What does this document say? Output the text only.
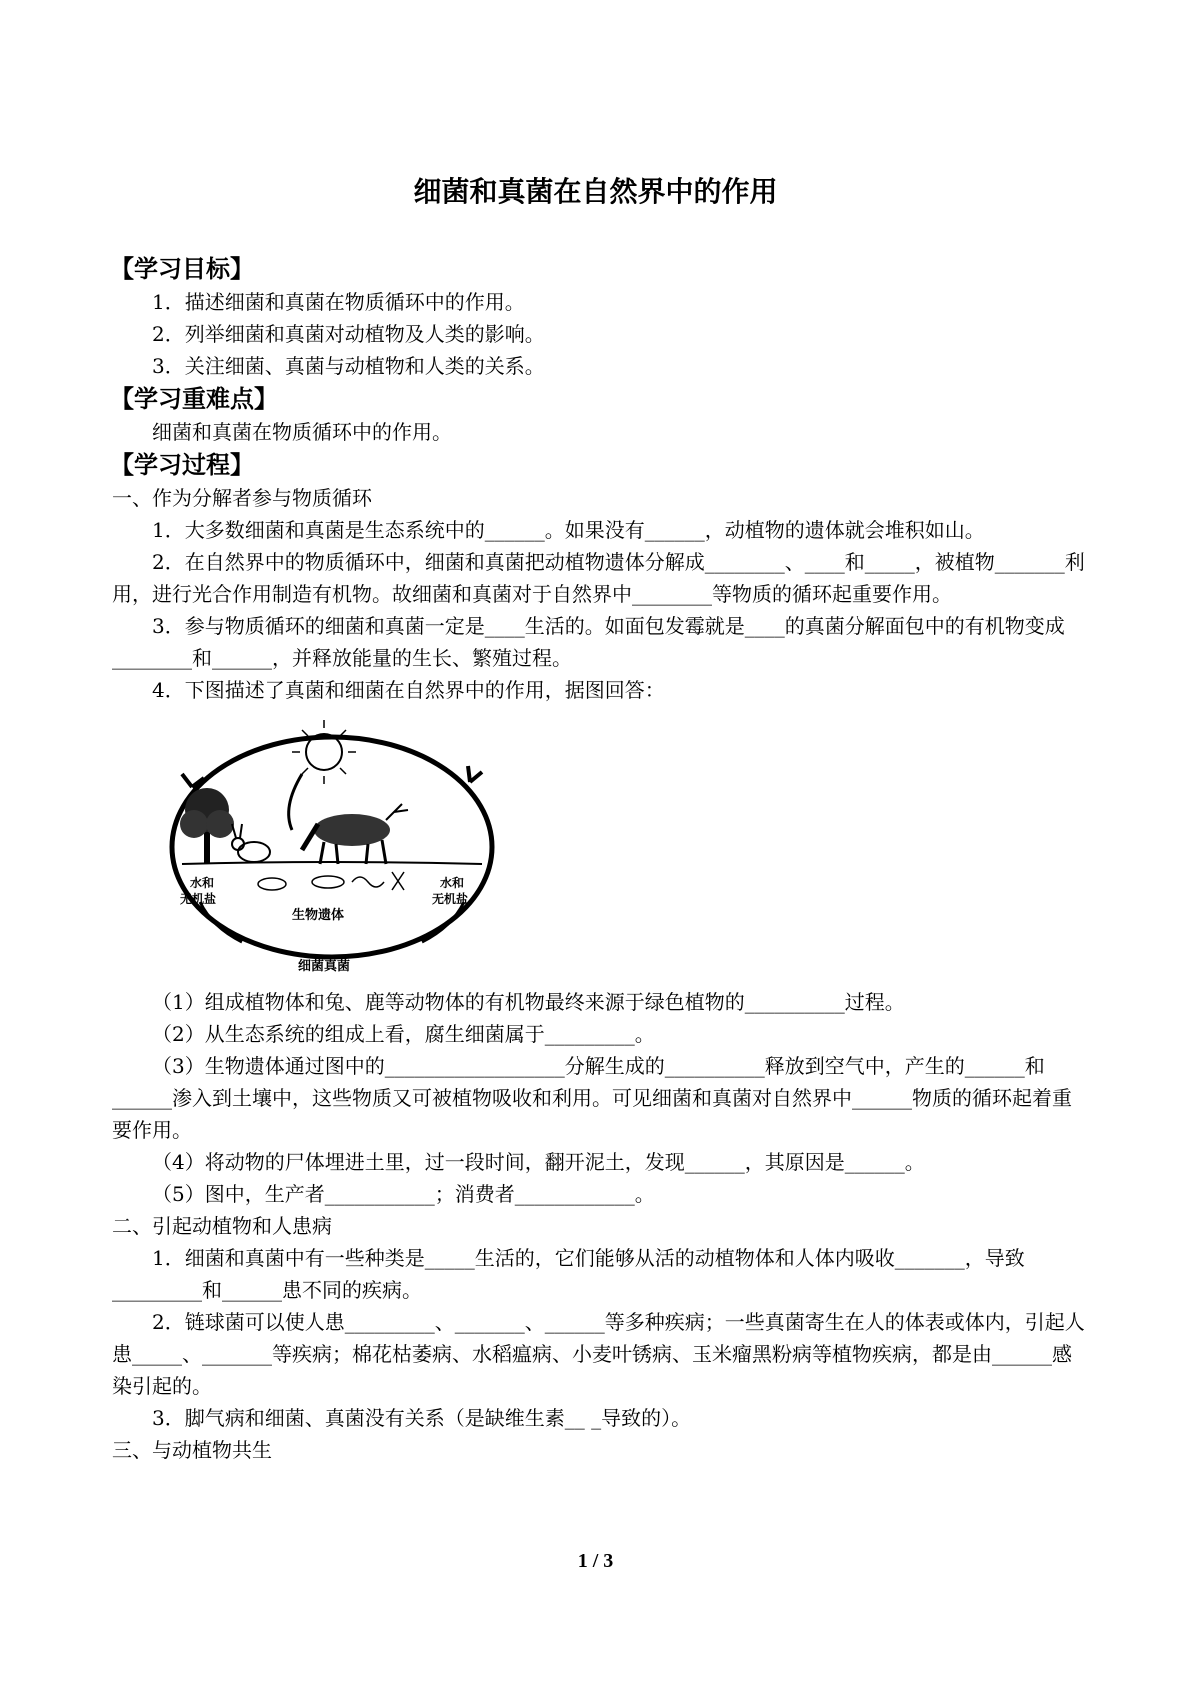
细菌和真菌在自然界中的作用
【学习目标】

1．描述细菌和真菌在物质循环中的作用。

2．列举细菌和真菌对动植物及人类的影响。

3．关注细菌、真菌与动植物和人类的关系。

【学习重难点】

细菌和真菌在物质循环中的作用。

【学习过程】

一、作为分解者参与物质循环

1．大多数细菌和真菌是生态系统中的______。如果没有______，动植物的遗体就会堆积如山。

2．在自然界中的物质循环中，细菌和真菌把动植物遗体分解成________、____和_____，被植物_______利用，进行光合作用制造有机物。故细菌和真菌对于自然界中________等物质的循环起重要作用。

3．参与物质循环的细菌和真菌一定是____生活的。如面包发霉就是____的真菌分解面包中的有机物变成________和______，并释放能量的生长、繁殖过程。

4．下图描述了真菌和细菌在自然界中的作用，据图回答：

水和
无机盐
水和
无机盐
生物遗体
细菌真菌

（1）组成植物体和兔、鹿等动物体的有机物最终来源于绿色植物的__________过程。

（2）从生态系统的组成上看，腐生细菌属于_________。

（3）生物遗体通过图中的__________________分解生成的__________释放到空气中，产生的______和______渗入到土壤中，这些物质又可被植物吸收和利用。可见细菌和真菌对自然界中______物质的循环起着重要作用。

（4）将动物的尸体埋进土里，过一段时间，翻开泥土，发现______，其原因是______。

（5）图中，生产者___________；消费者____________。

二、引起动植物和人患病

1．细菌和真菌中有一些种类是_____生活的，它们能够从活的动植物体和人体内吸收_______，导致_________和______患不同的疾病。

2．链球菌可以使人患_________、_______、______等多种疾病；一些真菌寄生在人的体表或体内，引起人患_____、_______等疾病；棉花枯萎病、水稻瘟病、小麦叶锈病、玉米瘤黑粉病等植物疾病，都是由______感染引起的。

3．脚气病和细菌、真菌没有关系（是缺维生素__ _导致的）。

三、与动植物共生

1 / 3
